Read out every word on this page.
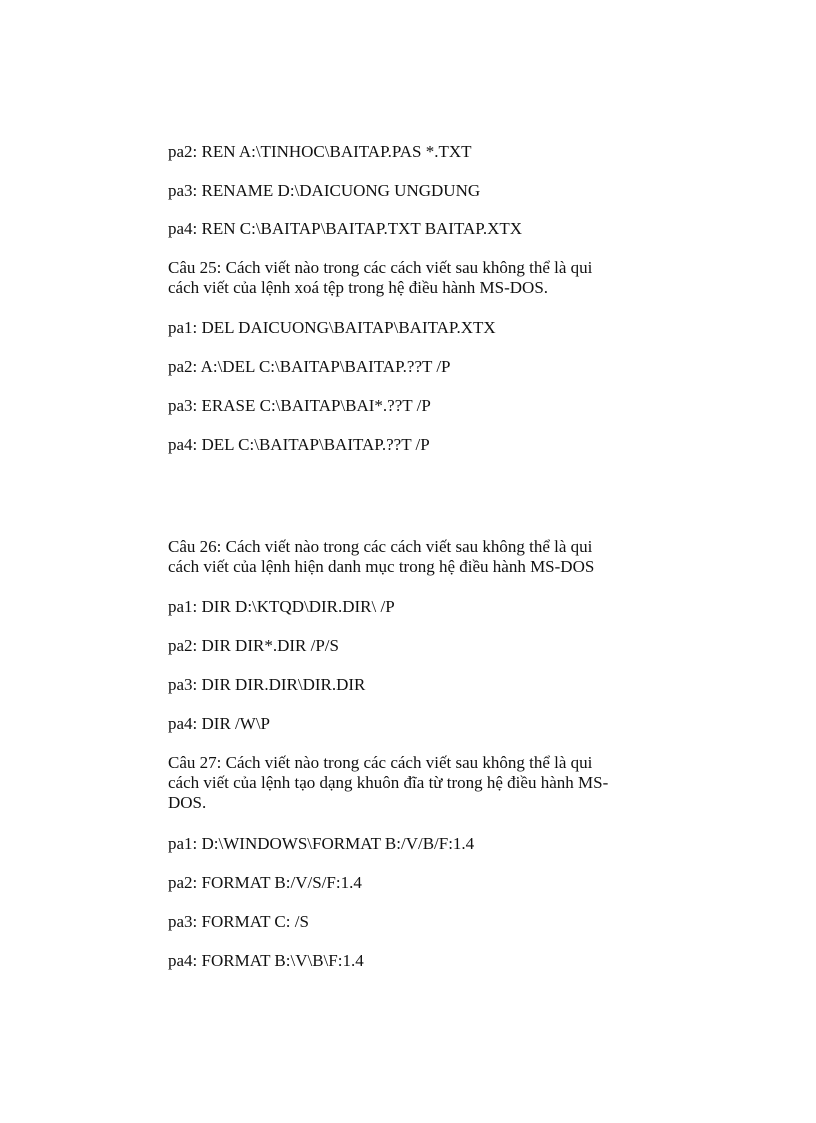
pa2: REN A:\TINHOC\BAITAP.PAS *.TXT
pa3: RENAME D:\DAICUONG UNGDUNG
pa4: REN C:\BAITAP\BAITAP.TXT BAITAP.XTX
Câu 25: Cách viết nào trong các cách viết sau không thể là qui
cách viết của lệnh xoá tệp trong hệ điều hành MS-DOS.
pa1: DEL DAICUONG\BAITAP\BAITAP.XTX
pa2: A:\DEL C:\BAITAP\BAITAP.??T /P
pa3: ERASE C:\BAITAP\BAI*.??T /P
pa4: DEL C:\BAITAP\BAITAP.??T /P
Câu 26: Cách viết nào trong các cách viết sau không thể là qui
cách viết của lệnh hiện danh mục trong hệ điều hành MS-DOS
pa1: DIR D:\KTQD\DIR.DIR\ /P
pa2: DIR DIR*.DIR /P/S
pa3: DIR DIR.DIR\DIR.DIR
pa4: DIR /W\P
Câu 27: Cách viết nào trong các cách viết sau không thể là qui
cách viết của lệnh tạo dạng khuôn đĩa từ trong hệ điều hành MS-
DOS.
pa1: D:\WINDOWS\FORMAT B:/V/B/F:1.4
pa2: FORMAT B:/V/S/F:1.4
pa3: FORMAT C: /S
pa4: FORMAT B:\V\B\F:1.4
